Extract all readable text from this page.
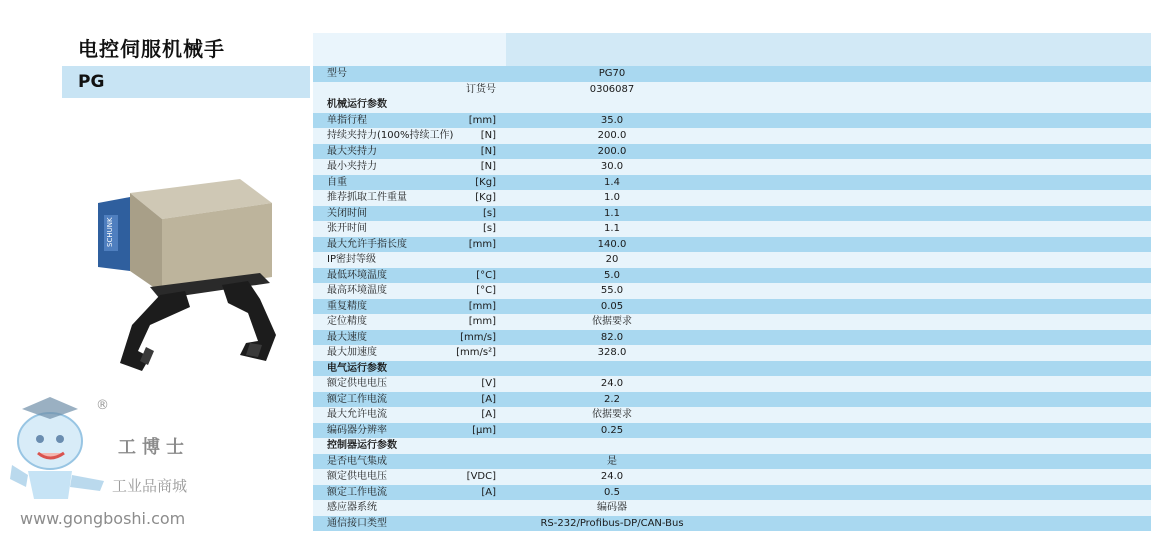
电控伺服机械手
PG
SCHUNK
®
工博士
工业品商城
www.gongboshi.com
型号	PG70
订货号	0306087
机械运行参数
单指行程	[mm]	35.0
持续夹持力(100%持续工作)	[N]	200.0
最大夹持力	[N]	200.0
最小夹持力	[N]	30.0
自重	[Kg]	1.4
推荐抓取工件重量	[Kg]	1.0
关闭时间	[s]	1.1
张开时间	[s]	1.1
最大允许手指长度	[mm]	140.0
IP密封等级	20
最低环境温度	[°C]	5.0
最高环境温度	[°C]	55.0
重复精度	[mm]	0.05
定位精度	[mm]	依据要求
最大速度	[mm/s]	82.0
最大加速度	[mm/s²]	328.0
电气运行参数
额定供电电压	[V]	24.0
额定工作电流	[A]	2.2
最大允许电流	[A]	依据要求
编码器分辨率	[µm]	0.25
控制器运行参数
是否电气集成	是
额定供电电压	[VDC]	24.0
额定工作电流	[A]	0.5
感应器系统	编码器
通信接口类型	RS-232/Profibus-DP/CAN-Bus
